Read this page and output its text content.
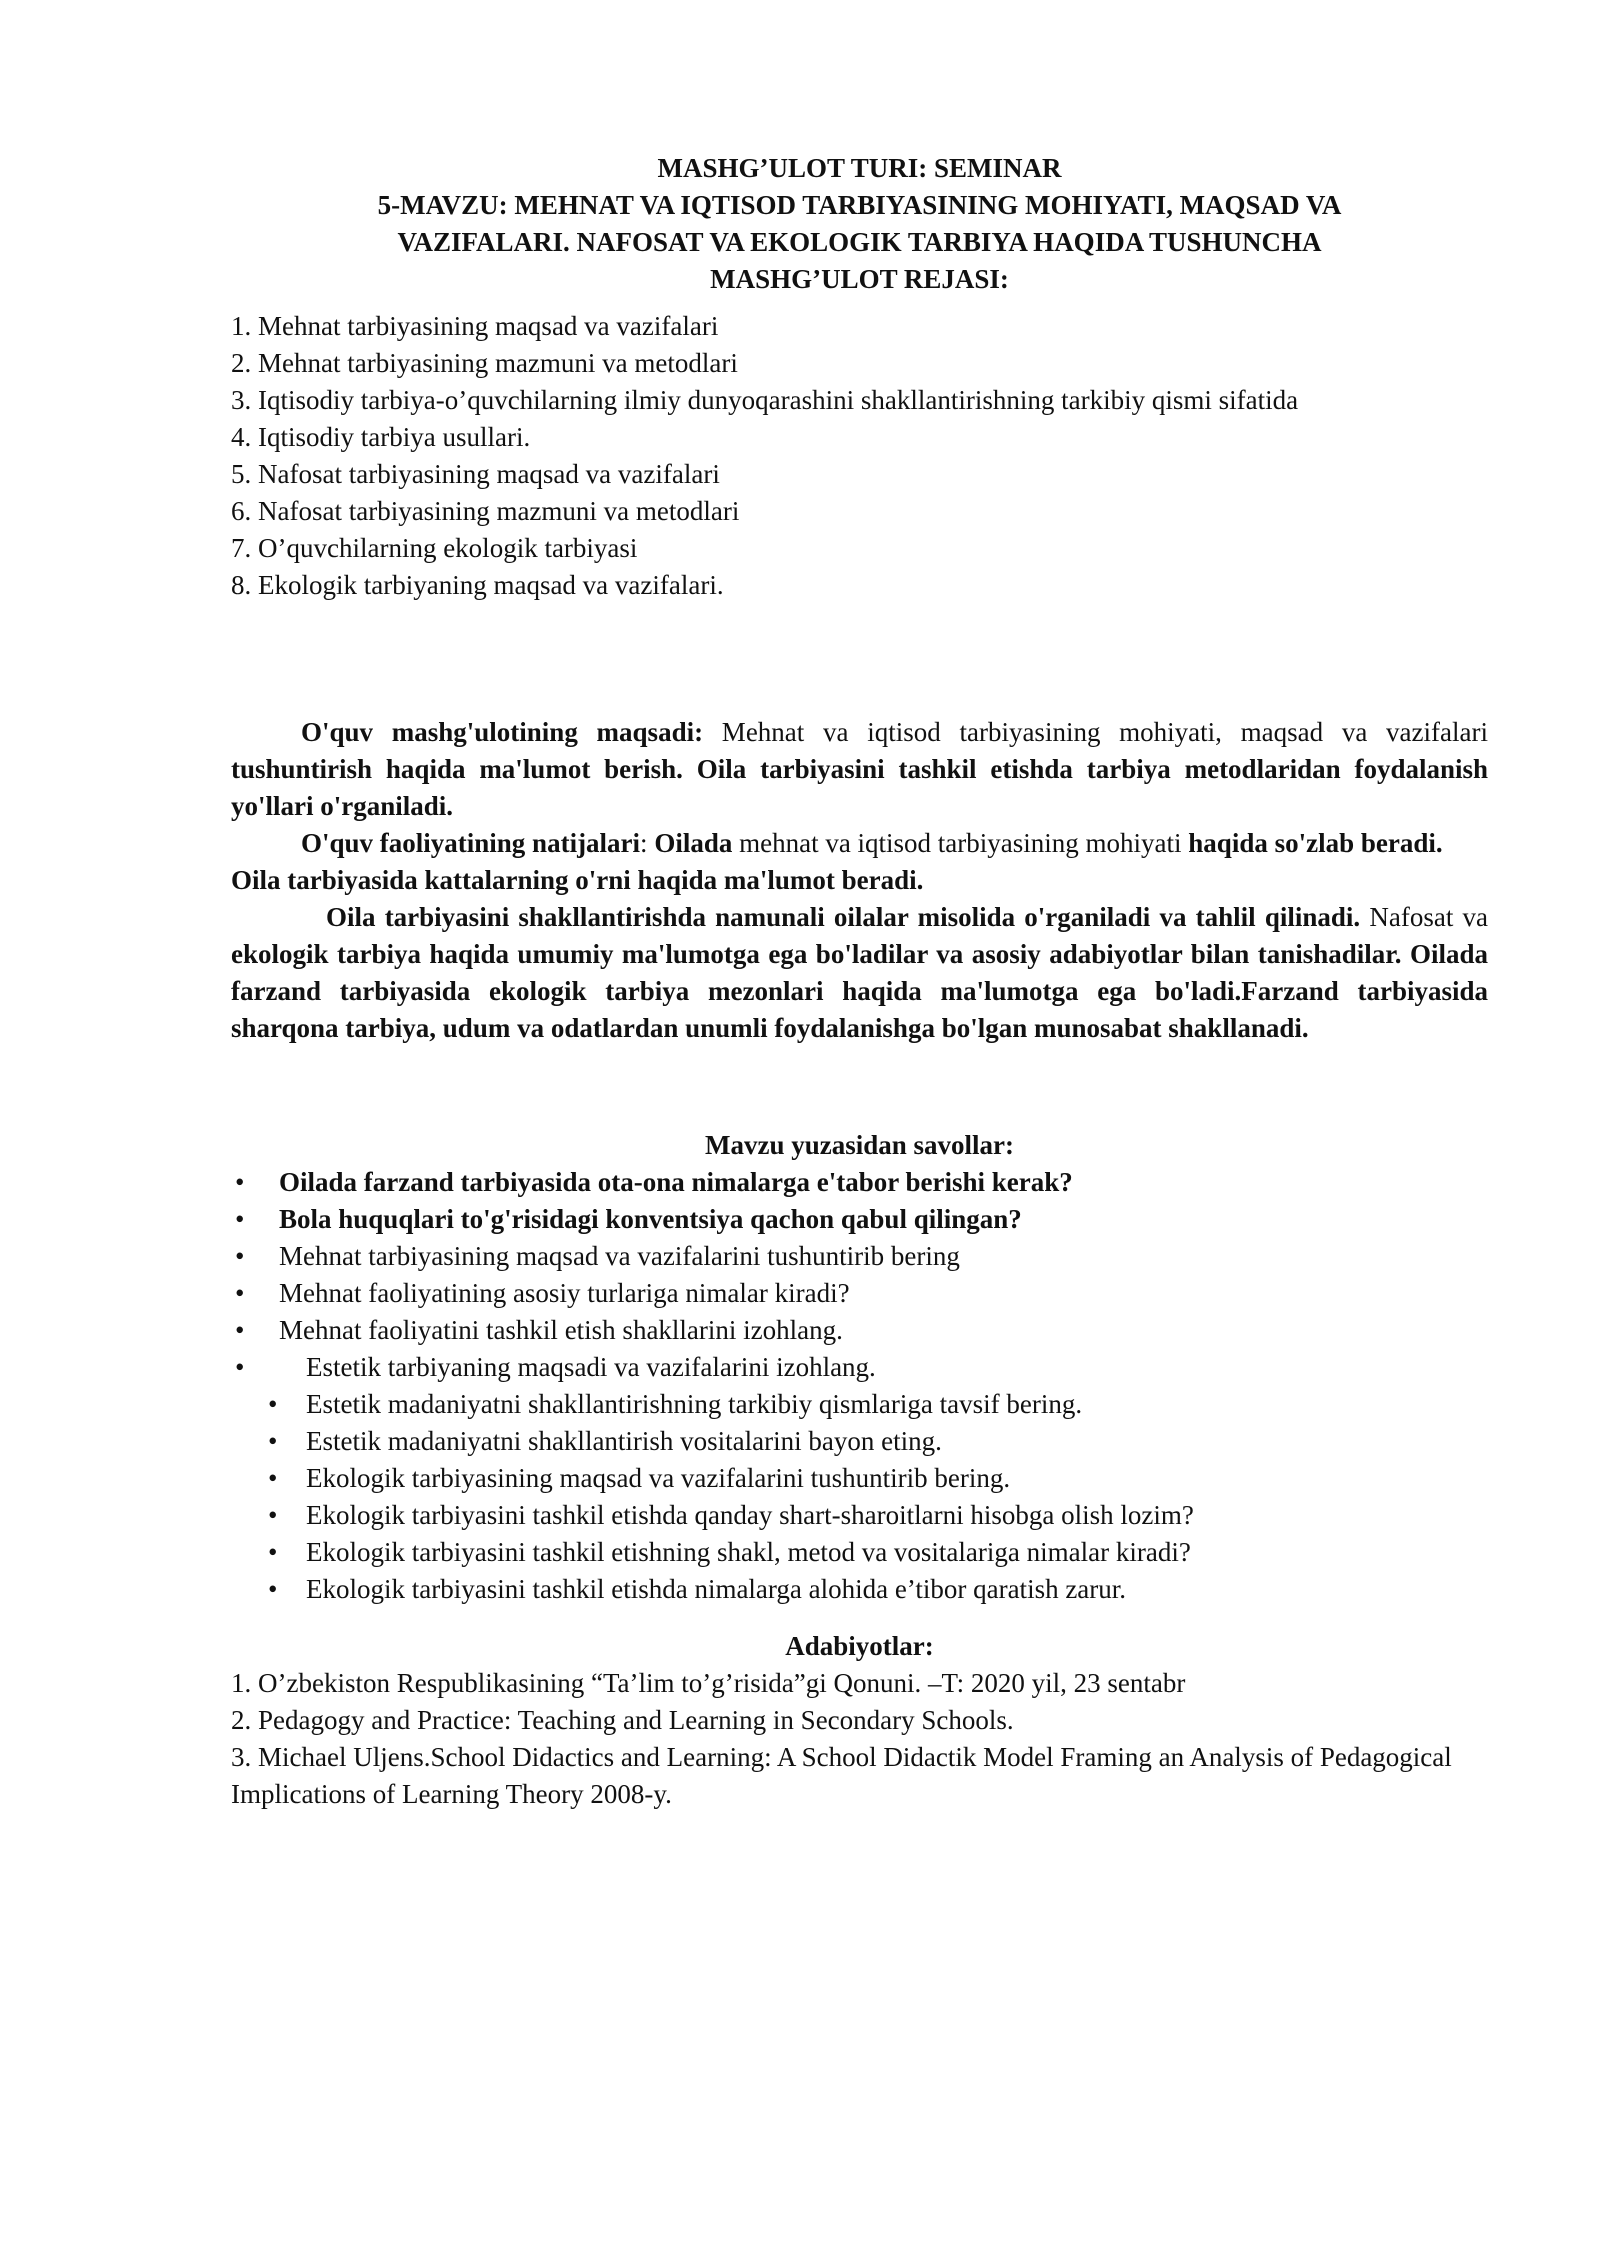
MASHG’ULOT TURI: SEMINAR

5-MAVZU: MEHNAT VA IQTISOD TARBIYASINING MOHIYATI, MAQSAD VA

VAZIFALARI. NAFOSAT VA EKOLOGIK TARBIYA HAQIDA TUSHUNCHA

MASHG’ULOT REJASI:

1. Mehnat tarbiyasining maqsad va vazifalari
2. Mehnat tarbiyasining mazmuni va metodlari
3. Iqtisodiy tarbiya-o’quvchilarning ilmiy dunyoqarashini shakllantirishning tarkibiy qismi sifatida
4. Iqtisodiy tarbiya usullari.
5. Nafosat tarbiyasining maqsad va vazifalari
6. Nafosat tarbiyasining mazmuni va metodlari
7. O’quvchilarning ekologik tarbiyasi
8. Ekologik tarbiyaning maqsad va vazifalari.

O'quv mashg'ulotining maqsadi: Mehnat va iqtisod tarbiyasining mohiyati, maqsad va vazifalari tushuntirish haqida ma'lumot berish. Oila tarbiyasini tashkil etishda tarbiya metodlaridan foydalanish yo'llari o'rganiladi.

O'quv faoliyatining natijalari: Oilada mehnat va iqtisod tarbiyasining mohiyati haqida so'zlab beradi.

Oila tarbiyasida kattalarning o'rni haqida ma'lumot beradi.

Oila tarbiyasini shakllantirishda namunali oilalar misolida o'rganiladi va tahlil qilinadi. Nafosat va ekologik tarbiya haqida umumiy ma'lumotga ega bo'ladilar va asosiy adabiyotlar bilan tanishadilar. Oilada farzand tarbiyasida ekologik tarbiya mezonlari haqida ma'lumotga ega bo'ladi.Farzand tarbiyasida sharqona tarbiya, udum va odatlardan unumli foydalanishga bo'lgan munosabat shakllanadi.

Mavzu yuzasidan savollar:

• Oilada farzand tarbiyasida ota-ona nimalarga e'tabor berishi kerak?
• Bola huquqlari to'g'risidagi konventsiya qachon qabul qilingan?
• Mehnat tarbiyasining maqsad va vazifalarini tushuntirib bering
• Mehnat faoliyatining asosiy turlariga nimalar kiradi?
• Mehnat faoliyatini tashkil etish shakllarini izohlang.
• Estetik tarbiyaning maqsadi va vazifalarini izohlang.
• Estetik madaniyatni shakllantirishning tarkibiy qismlariga tavsif bering.
• Estetik madaniyatni shakllantirish vositalarini bayon eting.
• Ekologik tarbiyasining maqsad va vazifalarini tushuntirib bering.
• Ekologik tarbiyasini tashkil etishda qanday shart-sharoitlarni hisobga olish lozim?
• Ekologik tarbiyasini tashkil etishning shakl, metod va vositalariga nimalar kiradi?
• Ekologik tarbiyasini tashkil etishda nimalarga alohida e’tibor qaratish zarur.

Adabiyotlar:

1. O’zbekiston Respublikasining “Ta’lim to’g’risida”gi Qonuni. –T: 2020 yil, 23 sentabr
2. Pedagogy and Practice: Teaching and Learning in Secondary Schools.
3. Michael Uljens.School Didactics and Learning: A School Didactik Model Framing an Analysis of Pedagogical Implications of Learning Theory 2008-y.
